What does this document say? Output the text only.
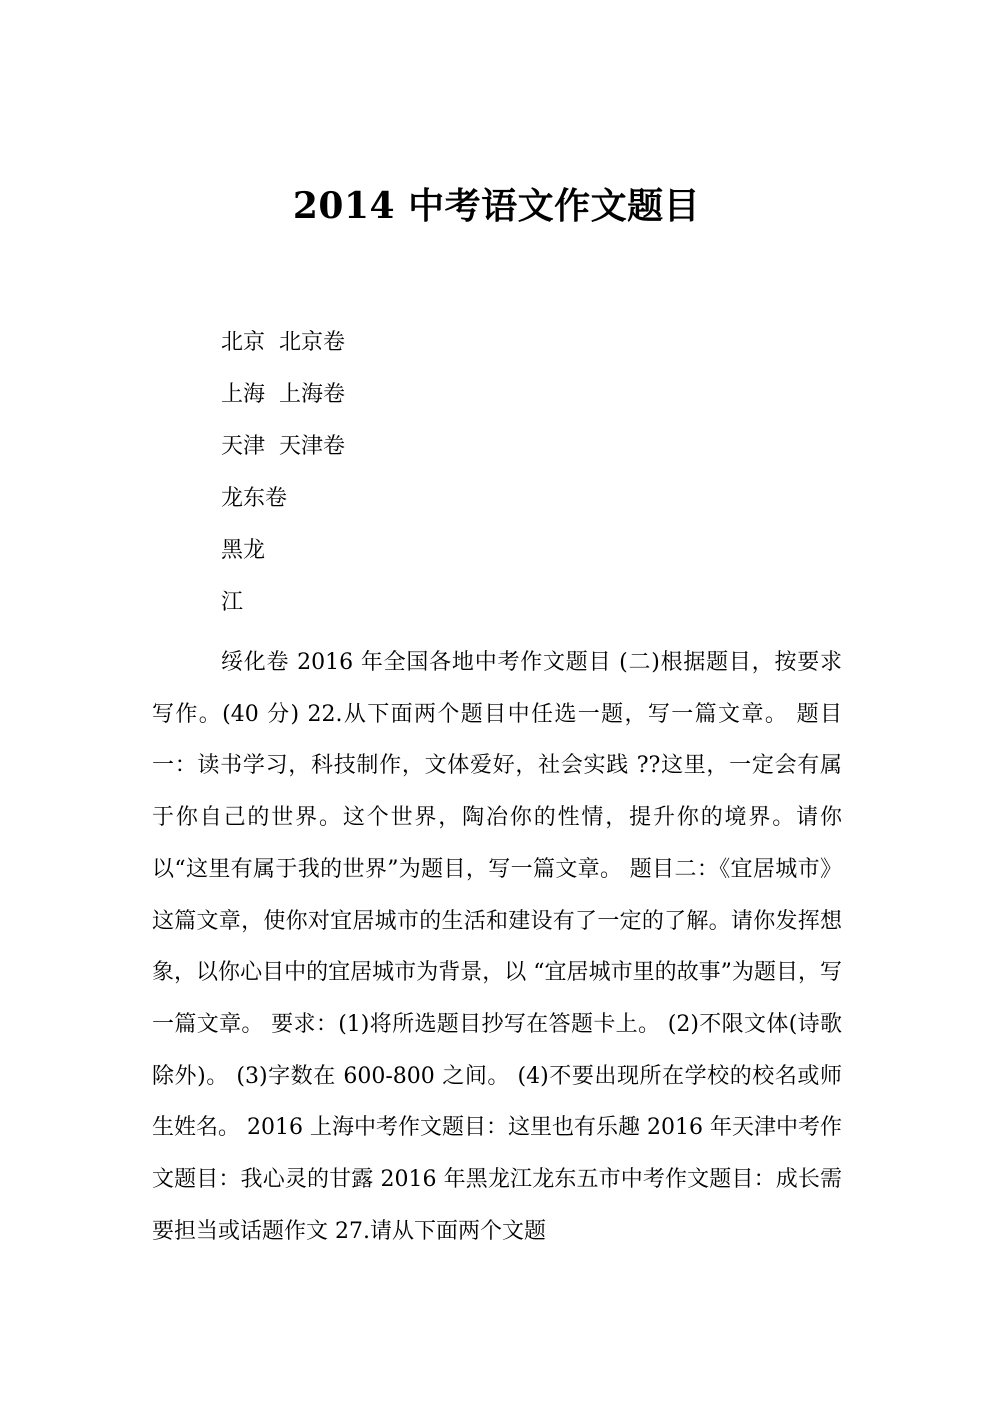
2014 中考语文作文题目
北京  北京卷
上海  上海卷
天津  天津卷
龙东卷
黑龙
江
绥化卷 2016 年全国各地中考作文题目 (二)根据题目，按要求写作。(40 分) 22.从下面两个题目中任选一题，写一篇文章。 题目一：读书学习，科技制作，文体爱好，社会实践 ??这里，一定会有属于你自己的世界。这个世界，陶冶你的性情，提升你的境界。请你以“这里有属于我的世界”为题目，写一篇文章。 题目二：《宜居城市》这篇文章，使你对宜居城市的生活和建设有了一定的了解。请你发挥想象，以你心目中的宜居城市为背景，以 “宜居城市里的故事”为题目，写一篇文章。 要求：(1)将所选题目抄写在答题卡上。 (2)不限文体(诗歌除外)。 (3)字数在 600-800 之间。 (4)不要出现所在学校的校名或师生姓名。 2016 上海中考作文题目：这里也有乐趣 2016 年天津中考作文题目：我心灵的甘露 2016 年黑龙江龙东五市中考作文题目：成长需要担当或话题作文 27.请从下面两个文题
